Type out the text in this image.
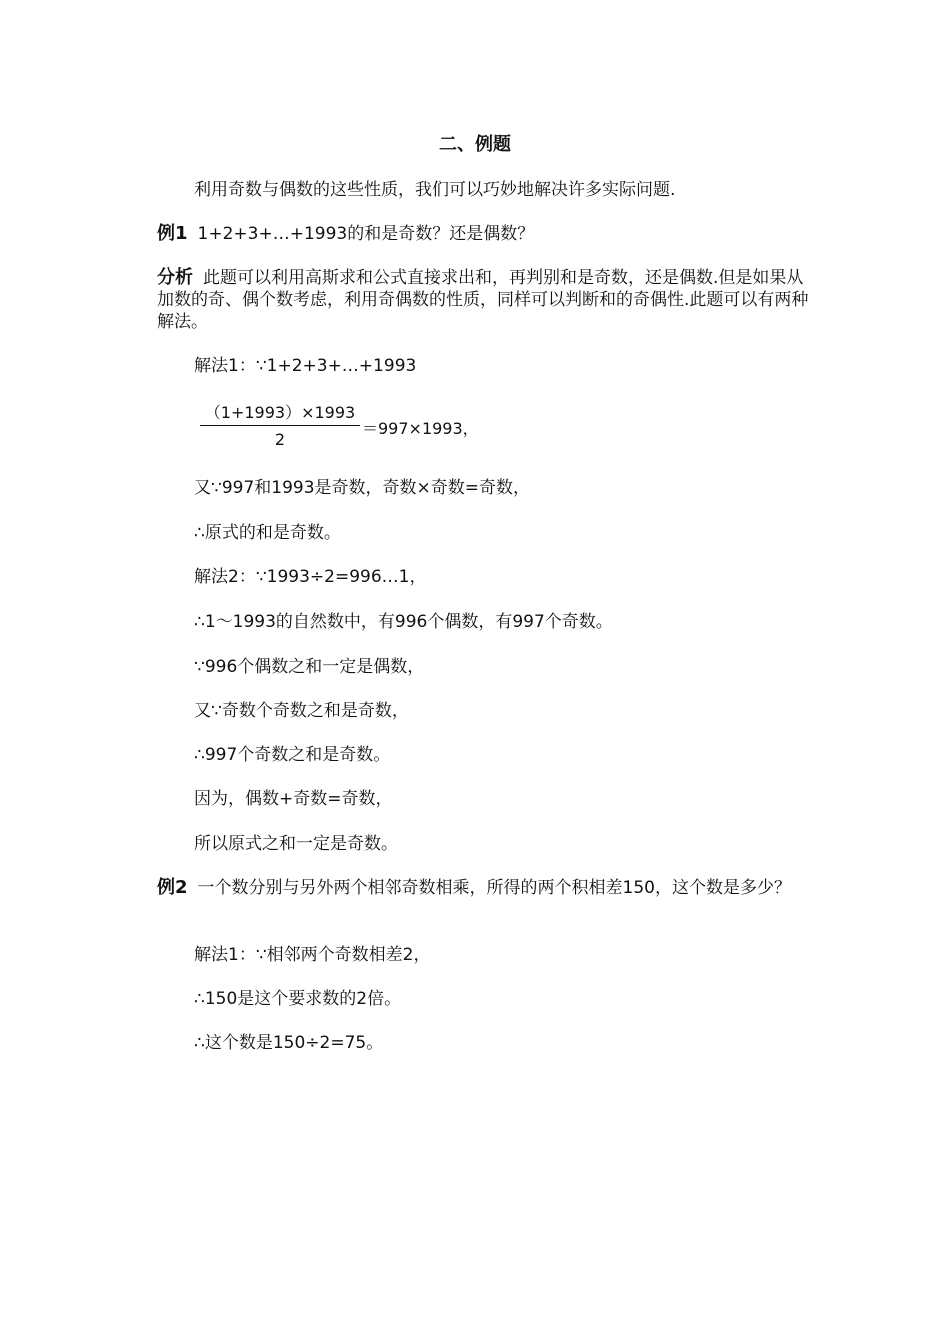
二、例题
利用奇数与偶数的这些性质，我们可以巧妙地解决许多实际问题.
例1 1+2+3+…+1993的和是奇数？还是偶数？
分析 此题可以利用高斯求和公式直接求出和，再判别和是奇数，还是偶数.但是如果从加数的奇、偶个数考虑，利用奇偶数的性质，同样可以判断和的奇偶性.此题可以有两种解法。
解法1：∵1+2+3+…+1993
（1+1993）×1993
2
＝997×1993，
又∵997和1993是奇数，奇数×奇数=奇数，
∴原式的和是奇数。
解法2：∵1993÷2=996…1，
∴1～1993的自然数中，有996个偶数，有997个奇数。
∵996个偶数之和一定是偶数，
又∵奇数个奇数之和是奇数，
∴997个奇数之和是奇数。
因为，偶数+奇数=奇数，
所以原式之和一定是奇数。
例2 一个数分别与另外两个相邻奇数相乘，所得的两个积相差150，这个数是多少？
解法1：∵相邻两个奇数相差2，
∴150是这个要求数的2倍。
∴这个数是150÷2=75。
